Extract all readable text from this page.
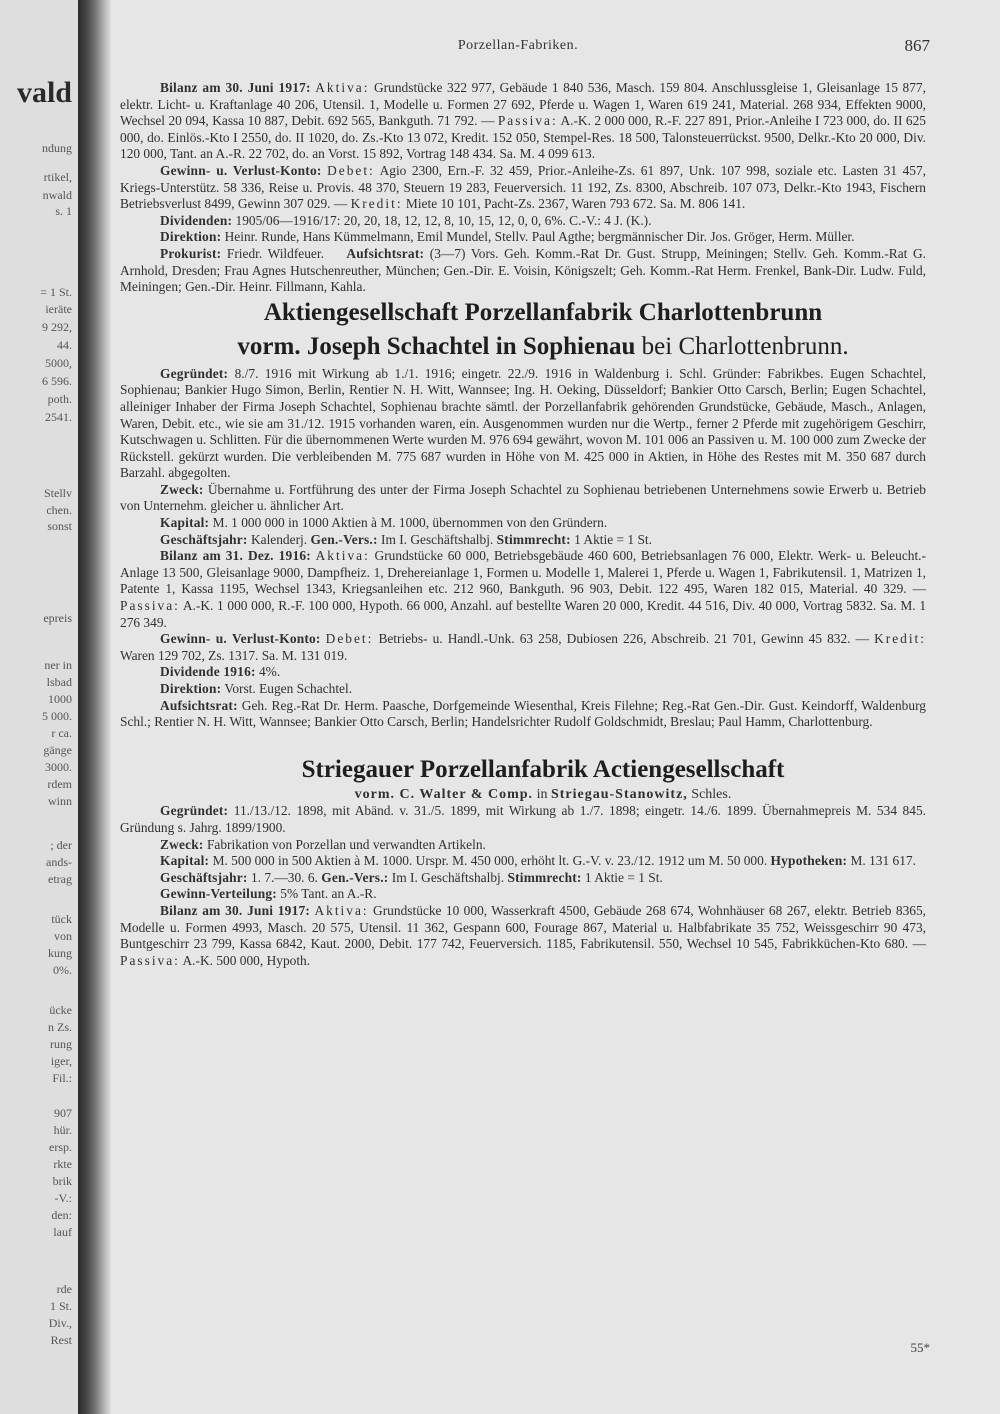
vald
ndung
rtikel,
nwald
s. 1
= 1 St.
ieräte
9 292,
44.
5000,
6 596.
poth.
2541.
Stellv
chen.
sonst
epreis
ner in
lsbad
1000
5 000.
r ca.
gänge
3000.
rdem
winn
; der
ands-
etrag
tück
von
kung
0%.
ücke
n Zs.
rung
iger,
Fil.:
907
hür.
ersp.
rkte
brik
-V.:
den:
lauf
rde
1 St.
Div.,
Rest
Porzellan-Fabriken.	867

Bilanz am 30. Juni 1917: Aktiva: Grundstücke 322 977, Gebäude 1 840 536, Masch. 159 804. Anschlussgleise 1, Gleisanlage 15 877, elektr. Licht- u. Kraftanlage 40 206, Utensil. 1, Modelle u. Formen 27 692, Pferde u. Wagen 1, Waren 619 241, Material. 268 934, Effekten 9000, Wechsel 20 094, Kassa 10 887, Debit. 692 565, Bankguth. 71 792. — Passiva: A.-K. 2 000 000, R.-F. 227 891, Prior.-Anleihe I 723 000, do. II 625 000, do. Einlös.-Kto I 2550, do. II 1020, do. Zs.-Kto 13 072, Kredit. 152 050, Stempel-Res. 18 500, Talonsteuerrückst. 9500, Delkr.-Kto 20 000, Div. 120 000, Tant. an A.-R. 22 702, do. an Vorst. 15 892, Vortrag 148 434. Sa. M. 4 099 613.

Gewinn- u. Verlust-Konto: Debet: Agio 2300, Ern.-F. 32 459, Prior.-Anleihe-Zs. 61 897, Unk. 107 998, soziale etc. Lasten 31 457, Kriegs-Unterstütz. 58 336, Reise u. Provis. 48 370, Steuern 19 283, Feuerversich. 11 192, Zs. 8300, Abschreib. 107 073, Delkr.-Kto 1943, Fischern Betriebsverlust 8499, Gewinn 307 029. — Kredit: Miete 10 101, Pacht-Zs. 2367, Waren 793 672. Sa. M. 806 141.

Dividenden: 1905/06—1916/17: 20, 20, 18, 12, 12, 8, 10, 15, 12, 0, 0, 6%. C.-V.: 4 J. (K.).

Direktion: Heinr. Runde, Hans Kümmelmann, Emil Mundel, Stellv. Paul Agthe; bergmännischer Dir. Jos. Gröger, Herm. Müller.

Prokurist: Friedr. Wildfeuer. Aufsichtsrat: (3—7) Vors. Geh. Komm.-Rat Dr. Gust. Strupp, Meiningen; Stellv. Geh. Komm.-Rat G. Arnhold, Dresden; Frau Agnes Hutschenreuther, München; Gen.-Dir. E. Voisin, Königszelt; Geh. Komm.-Rat Herm. Frenkel, Bank-Dir. Ludw. Fuld, Meiningen; Gen.-Dir. Heinr. Fillmann, Kahla.

Aktiengesellschaft Porzellanfabrik Charlottenbrunn

vorm. Joseph Schachtel in Sophienau bei Charlottenbrunn.

Gegründet: 8./7. 1916 mit Wirkung ab 1./1. 1916; eingetr. 22./9. 1916 in Waldenburg i. Schl. Gründer: Fabrikbes. Eugen Schachtel, Sophienau; Bankier Hugo Simon, Berlin, Rentier N. H. Witt, Wannsee; Ing. H. Oeking, Düsseldorf; Bankier Otto Carsch, Berlin; Eugen Schachtel, alleiniger Inhaber der Firma Joseph Schachtel, Sophienau brachte sämtl. der Porzellanfabrik gehörenden Grundstücke, Gebäude, Masch., Anlagen, Waren, Debit. etc., wie sie am 31./12. 1915 vorhanden waren, ein. Ausgenommen wurden nur die Wertp., ferner 2 Pferde mit zugehörigem Geschirr, Kutschwagen u. Schlitten. Für die übernommenen Werte wurden M. 976 694 gewährt, wovon M. 101 006 an Passiven u. M. 100 000 zum Zwecke der Rückstell. gekürzt wurden. Die verbleibenden M. 775 687 wurden in Höhe von M. 425 000 in Aktien, in Höhe des Restes mit M. 350 687 durch Barzahl. abgegolten.

Zweck: Übernahme u. Fortführung des unter der Firma Joseph Schachtel zu Sophienau betriebenen Unternehmens sowie Erwerb u. Betrieb von Unternehm. gleicher u. ähnlicher Art.

Kapital: M. 1 000 000 in 1000 Aktien à M. 1000, übernommen von den Gründern.

Geschäftsjahr: Kalenderj. Gen.-Vers.: Im I. Geschäftshalbj. Stimmrecht: 1 Aktie = 1 St.

Bilanz am 31. Dez. 1916: Aktiva: Grundstücke 60 000, Betriebsgebäude 460 600, Betriebsanlagen 76 000, Elektr. Werk- u. Beleucht.-Anlage 13 500, Gleisanlage 9000, Dampfheiz. 1, Drehereianlage 1, Formen u. Modelle 1, Malerei 1, Pferde u. Wagen 1, Fabrikutensil. 1, Matrizen 1, Patente 1, Kassa 1195, Wechsel 1343, Kriegsanleihen etc. 212 960, Bankguth. 96 903, Debit. 122 495, Waren 182 015, Material. 40 329. — Passiva: A.-K. 1 000 000, R.-F. 100 000, Hypoth. 66 000, Anzahl. auf bestellte Waren 20 000, Kredit. 44 516, Div. 40 000, Vortrag 5832. Sa. M. 1 276 349.

Gewinn- u. Verlust-Konto: Debet: Betriebs- u. Handl.-Unk. 63 258, Dubiosen 226, Abschreib. 21 701, Gewinn 45 832. — Kredit: Waren 129 702, Zs. 1317. Sa. M. 131 019.

Dividende 1916: 4%.

Direktion: Vorst. Eugen Schachtel.

Aufsichtsrat: Geh. Reg.-Rat Dr. Herm. Paasche, Dorfgemeinde Wiesenthal, Kreis Filehne; Reg.-Rat Gen.-Dir. Gust. Keindorff, Waldenburg Schl.; Rentier N. H. Witt, Wannsee; Bankier Otto Carsch, Berlin; Handelsrichter Rudolf Goldschmidt, Breslau; Paul Hamm, Charlottenburg.

Striegauer Porzellanfabrik Actiengesellschaft

vorm. C. Walter & Comp. in Striegau-Stanowitz, Schles.

Gegründet: 11./13./12. 1898, mit Abänd. v. 31./5. 1899, mit Wirkung ab 1./7. 1898; eingetr. 14./6. 1899. Übernahmepreis M. 534 845. Gründung s. Jahrg. 1899/1900.

Zweck: Fabrikation von Porzellan und verwandten Artikeln.

Kapital: M. 500 000 in 500 Aktien à M. 1000. Urspr. M. 450 000, erhöht lt. G.-V. v. 23./12. 1912 um M. 50 000. Hypotheken: M. 131 617.

Geschäftsjahr: 1. 7.—30. 6. Gen.-Vers.: Im I. Geschäftshalbj. Stimmrecht: 1 Aktie = 1 St.

Gewinn-Verteilung: 5% Tant. an A.-R.

Bilanz am 30. Juni 1917: Aktiva: Grundstücke 10 000, Wasserkraft 4500, Gebäude 268 674, Wohnhäuser 68 267, elektr. Betrieb 8365, Modelle u. Formen 4993, Masch. 20 575, Utensil. 11 362, Gespann 600, Fourage 867, Material u. Halbfabrikate 35 752, Weissgeschirr 90 473, Buntgeschirr 23 799, Kassa 6842, Kaut. 2000, Debit. 177 742, Feuerversich. 1185, Fabrikutensil. 550, Wechsel 10 545, Fabrikküchen-Kto 680. — Passiva: A.-K. 500 000, Hypoth.

55*
